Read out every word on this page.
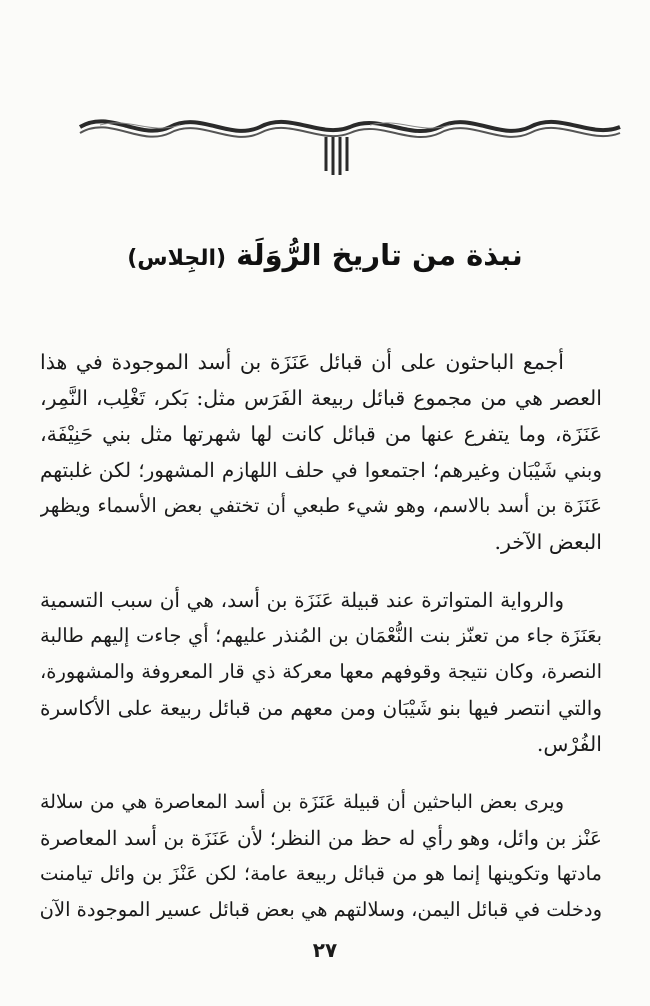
نبذة من تاريخ الرُّوَلَة (الجِلاس)
أجمع الباحثون على أن قبائل عَنَزَة بن أسد الموجودة في هذا
العصر هي من مجموع قبائل ربيعة الفَرَس مثل: بَكر، تَغْلِب، النَّمِر،
عَنَزَة، وما يتفرع عنها من قبائل كانت لها شهرتها مثل بني حَنِيْفَة،
وبني شَيْبَان وغيرهم؛ اجتمعوا في حلف اللهازم المشهور؛ لكن غلبتهم
عَنَزَة بن أسد بالاسم، وهو شيء طبعي أن تختفي بعض الأسماء ويظهر
البعض الآخر.
والرواية المتواترة عند قبيلة عَنَزَة بن أسد، هي أن سبب التسمية
بعَنَزَة جاء من تعنّز بنت النُّعْمَان بن المُنذر عليهم؛ أي جاءت إليهم طالبة
النصرة، وكان نتيجة وقوفهم معها معركة ذي قار المعروفة والمشهورة،
والتي انتصر فيها بنو شَيْبَان ومن معهم من قبائل ربيعة على الأكاسرة
الفُرْس.
ويرى بعض الباحثين أن قبيلة عَنَزَة بن أسد المعاصرة هي من سلالة
عَنْز بن وائل، وهو رأي له حظ من النظر؛ لأن عَنَزَة بن أسد المعاصرة
مادتها وتكوينها إنما هو من قبائل ربيعة عامة؛ لكن عَنْزَ بن وائل تيامنت
ودخلت في قبائل اليمن، وسلالتهم هي بعض قبائل عسير الموجودة الآن
٢٧
